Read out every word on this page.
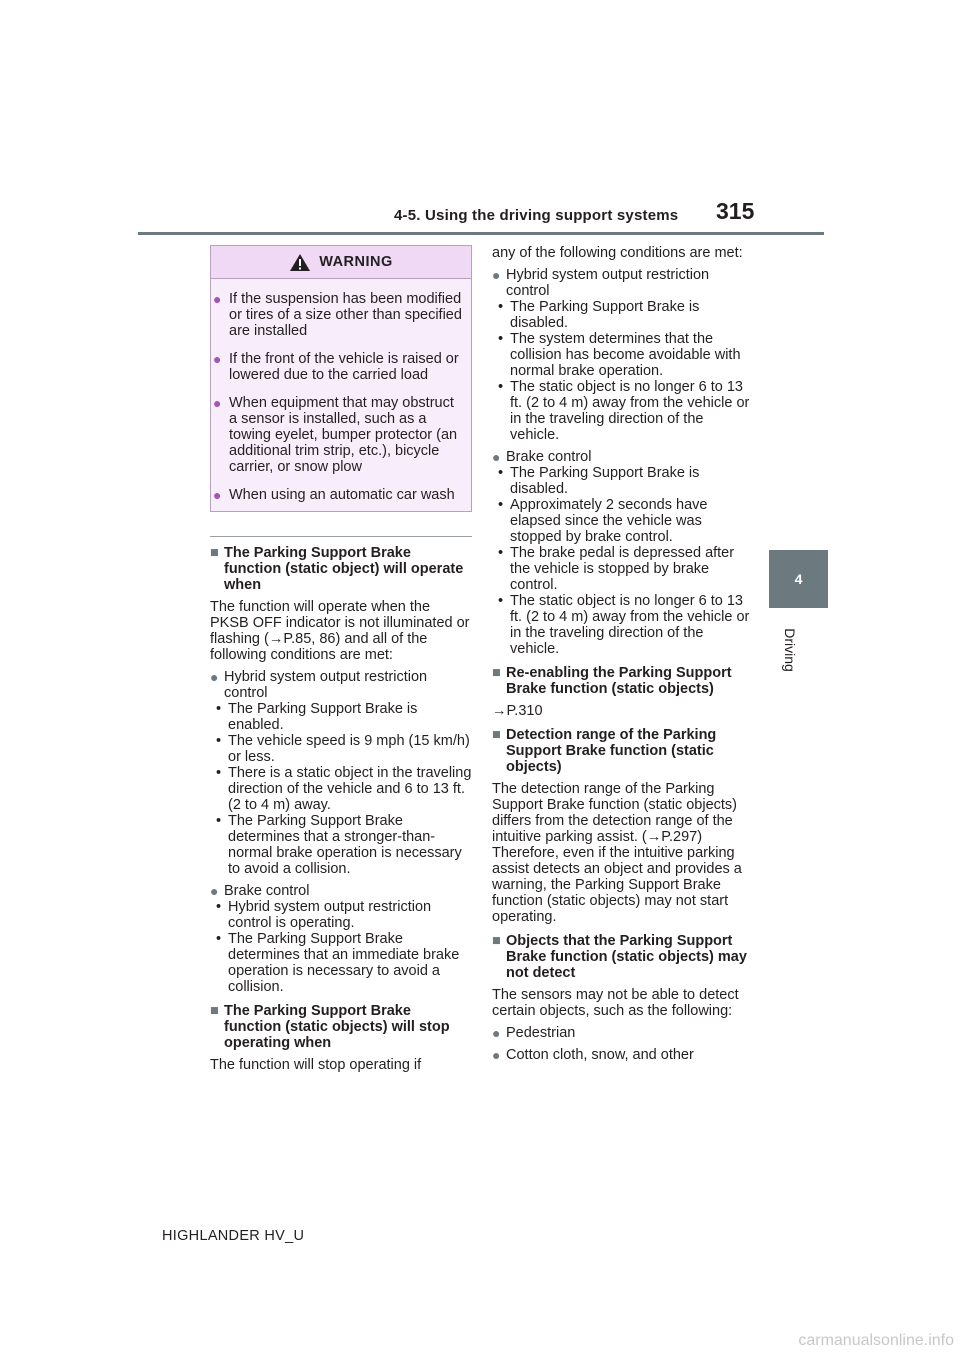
4-5. Using the driving support systems 315
4
Driving
WARNING
● If the suspension has been modified or tires of a size other than specified are installed
● If the front of the vehicle is raised or lowered due to the carried load
● When equipment that may obstruct a sensor is installed, such as a towing eyelet, bumper protector (an additional trim strip, etc.), bicycle carrier, or snow plow
● When using an automatic car wash
■ The Parking Support Brake function (static object) will operate when
The function will operate when the PKSB OFF indicator is not illuminated or flashing (→P.85, 86) and all of the following conditions are met:
● Hybrid system output restriction control
• The Parking Support Brake is enabled.
• The vehicle speed is 9 mph (15 km/h) or less.
• There is a static object in the traveling direction of the vehicle and 6 to 13 ft. (2 to 4 m) away.
• The Parking Support Brake determines that a stronger-than-normal brake operation is necessary to avoid a collision.
● Brake control
• Hybrid system output restriction control is operating.
• The Parking Support Brake determines that an immediate brake operation is necessary to avoid a collision.
■ The Parking Support Brake function (static objects) will stop operating when
The function will stop operating if
any of the following conditions are met:
● Hybrid system output restriction control
• The Parking Support Brake is disabled.
• The system determines that the collision has become avoidable with normal brake operation.
• The static object is no longer 6 to 13 ft. (2 to 4 m) away from the vehicle or in the traveling direction of the vehicle.
● Brake control
• The Parking Support Brake is disabled.
• Approximately 2 seconds have elapsed since the vehicle was stopped by brake control.
• The brake pedal is depressed after the vehicle is stopped by brake control.
• The static object is no longer 6 to 13 ft. (2 to 4 m) away from the vehicle or in the traveling direction of the vehicle.
■ Re-enabling the Parking Support Brake function (static objects)
→P.310
■ Detection range of the Parking Support Brake function (static objects)
The detection range of the Parking Support Brake function (static objects) differs from the detection range of the intuitive parking assist. (→P.297) Therefore, even if the intuitive parking assist detects an object and provides a warning, the Parking Support Brake function (static objects) may not start operating.
■ Objects that the Parking Support Brake function (static objects) may not detect
The sensors may not be able to detect certain objects, such as the following:
● Pedestrian
● Cotton cloth, snow, and other
HIGHLANDER HV_U
carmanualsonline.info
